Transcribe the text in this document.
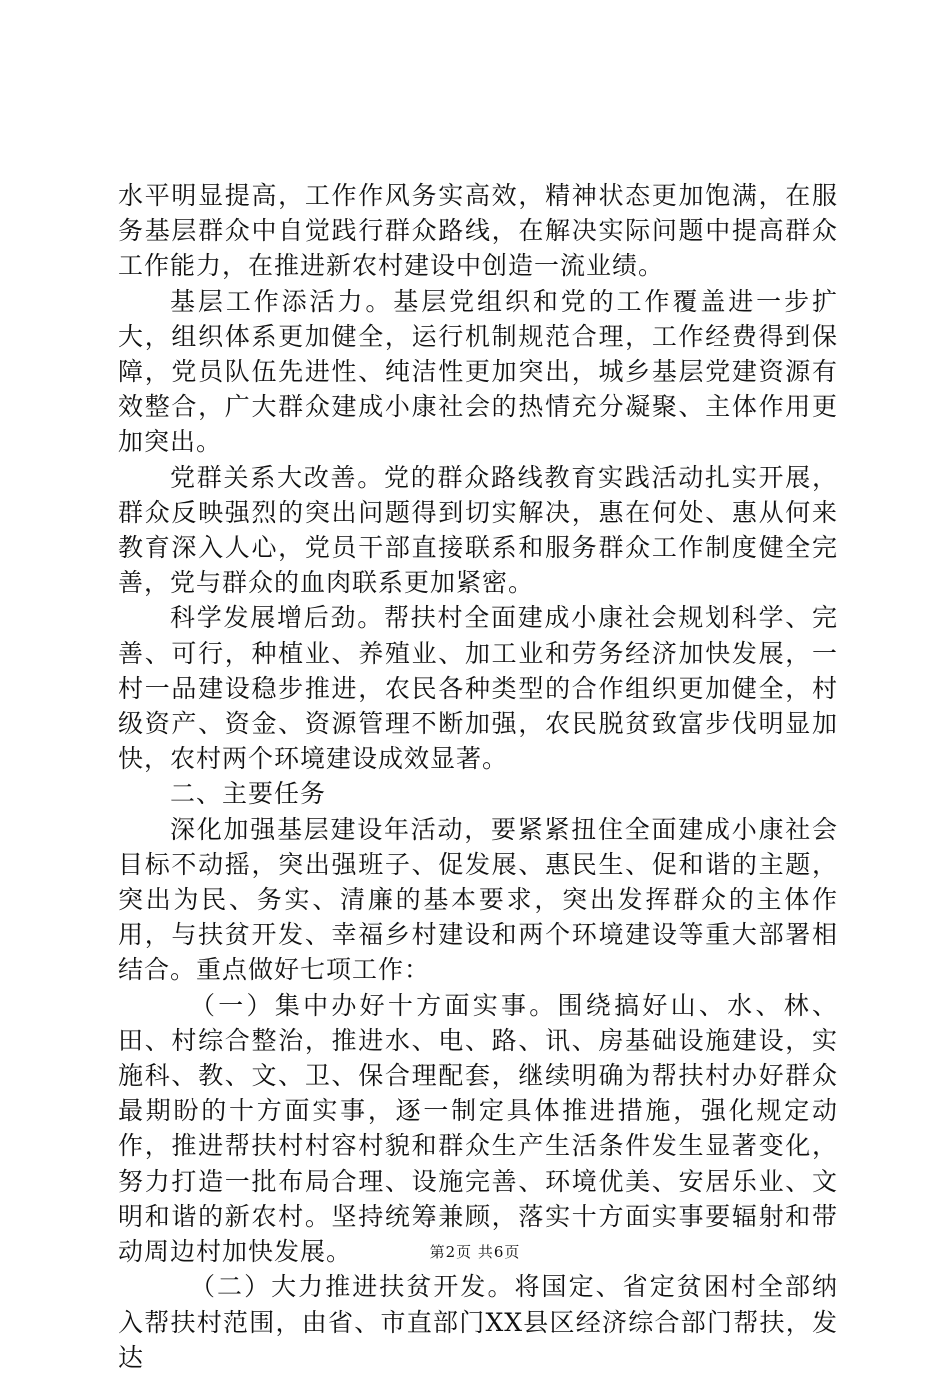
水平明显提高，工作作风务实高效，精神状态更加饱满，在服务基层群众中自觉践行群众路线，在解决实际问题中提高群众工作能力，在推进新农村建设中创造一流业绩。

基层工作添活力。基层党组织和党的工作覆盖进一步扩大，组织体系更加健全，运行机制规范合理，工作经费得到保障，党员队伍先进性、纯洁性更加突出，城乡基层党建资源有效整合，广大群众建成小康社会的热情充分凝聚、主体作用更加突出。

党群关系大改善。党的群众路线教育实践活动扎实开展，群众反映强烈的突出问题得到切实解决，惠在何处、惠从何来教育深入人心，党员干部直接联系和服务群众工作制度健全完善，党与群众的血肉联系更加紧密。

科学发展增后劲。帮扶村全面建成小康社会规划科学、完善、可行，种植业、养殖业、加工业和劳务经济加快发展，一村一品建设稳步推进，农民各种类型的合作组织更加健全，村级资产、资金、资源管理不断加强，农民脱贫致富步伐明显加快，农村两个环境建设成效显著。

二、主要任务

深化加强基层建设年活动，要紧紧扭住全面建成小康社会目标不动摇，突出强班子、促发展、惠民生、促和谐的主题，突出为民、务实、清廉的基本要求，突出发挥群众的主体作用，与扶贫开发、幸福乡村建设和两个环境建设等重大部署相结合。重点做好七项工作：

（一）集中办好十方面实事。围绕搞好山、水、林、田、村综合整治，推进水、电、路、讯、房基础设施建设，实施科、教、文、卫、保合理配套，继续明确为帮扶村办好群众最期盼的十方面实事，逐一制定具体推进措施，强化规定动作，推进帮扶村村容村貌和群众生产生活条件发生显著变化，努力打造一批布局合理、设施完善、环境优美、安居乐业、文明和谐的新农村。坚持统筹兼顾，落实十方面实事要辐射和带动周边村加快发展。

（二）大力推进扶贫开发。将国定、省定贫困村全部纳入帮扶村范围，由省、市直部门XX县区经济综合部门帮扶，发达

第2页 共6页
